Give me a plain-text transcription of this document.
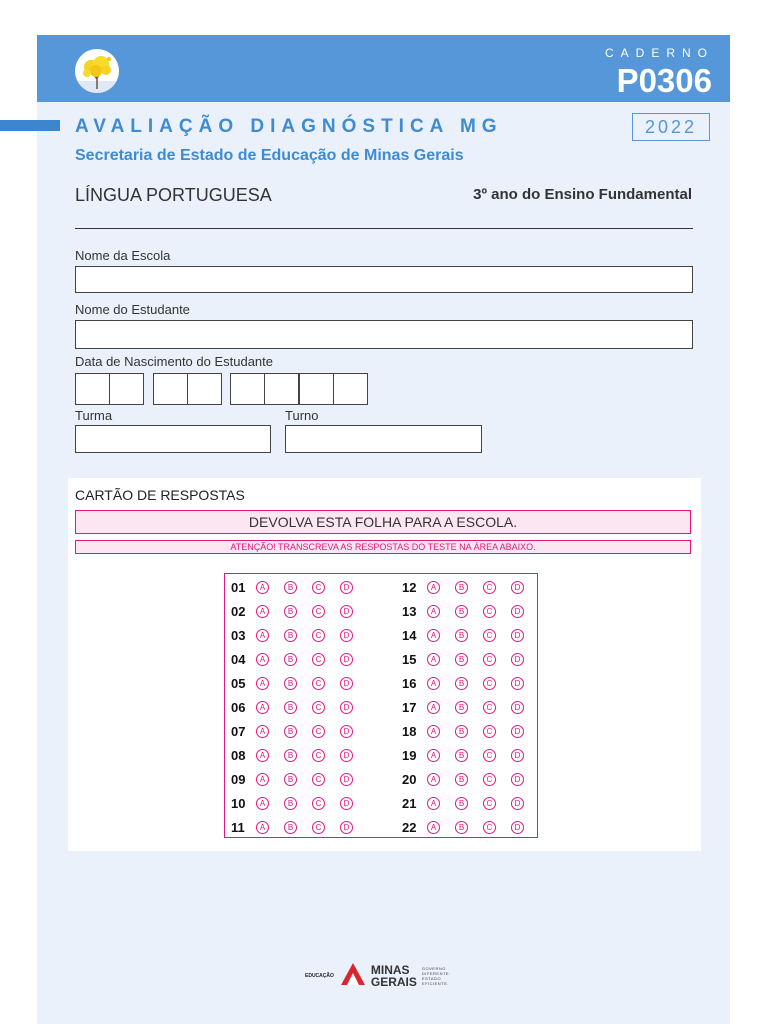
CADERNO
P0306
AVALIAÇÃO DIAGNÓSTICA MG
Secretaria de Estado de Educação de Minas Gerais
2022
LÍNGUA PORTUGUESA	3º ano do Ensino Fundamental
Nome da Escola
Nome do Estudante
Data de Nascimento do Estudante
Turma	Turno
CARTÃO DE RESPOSTAS
DEVOLVA ESTA FOLHA PARA A ESCOLA.
ATENÇÃO! TRANSCREVA AS RESPOSTAS DO TESTE NA ÁREA ABAIXO.
01	A	B	C	D
02	A	B	C	D
03	A	B	C	D
04	A	B	C	D
05	A	B	C	D
06	A	B	C	D
07	A	B	C	D
08	A	B	C	D
09	A	B	C	D
10	A	B	C	D
11	A	B	C	D
12	A	B	C	D
13	A	B	C	D
14	A	B	C	D
15	A	B	C	D
16	A	B	C	D
17	A	B	C	D
18	A	B	C	D
19	A	B	C	D
20	A	B	C	D
21	A	B	C	D
22	A	B	C	D
EDUCAÇÃO	MINAS
GERAIS
GOVERNO
DIFERENTE.
ESTADO
EFICIENTE.
